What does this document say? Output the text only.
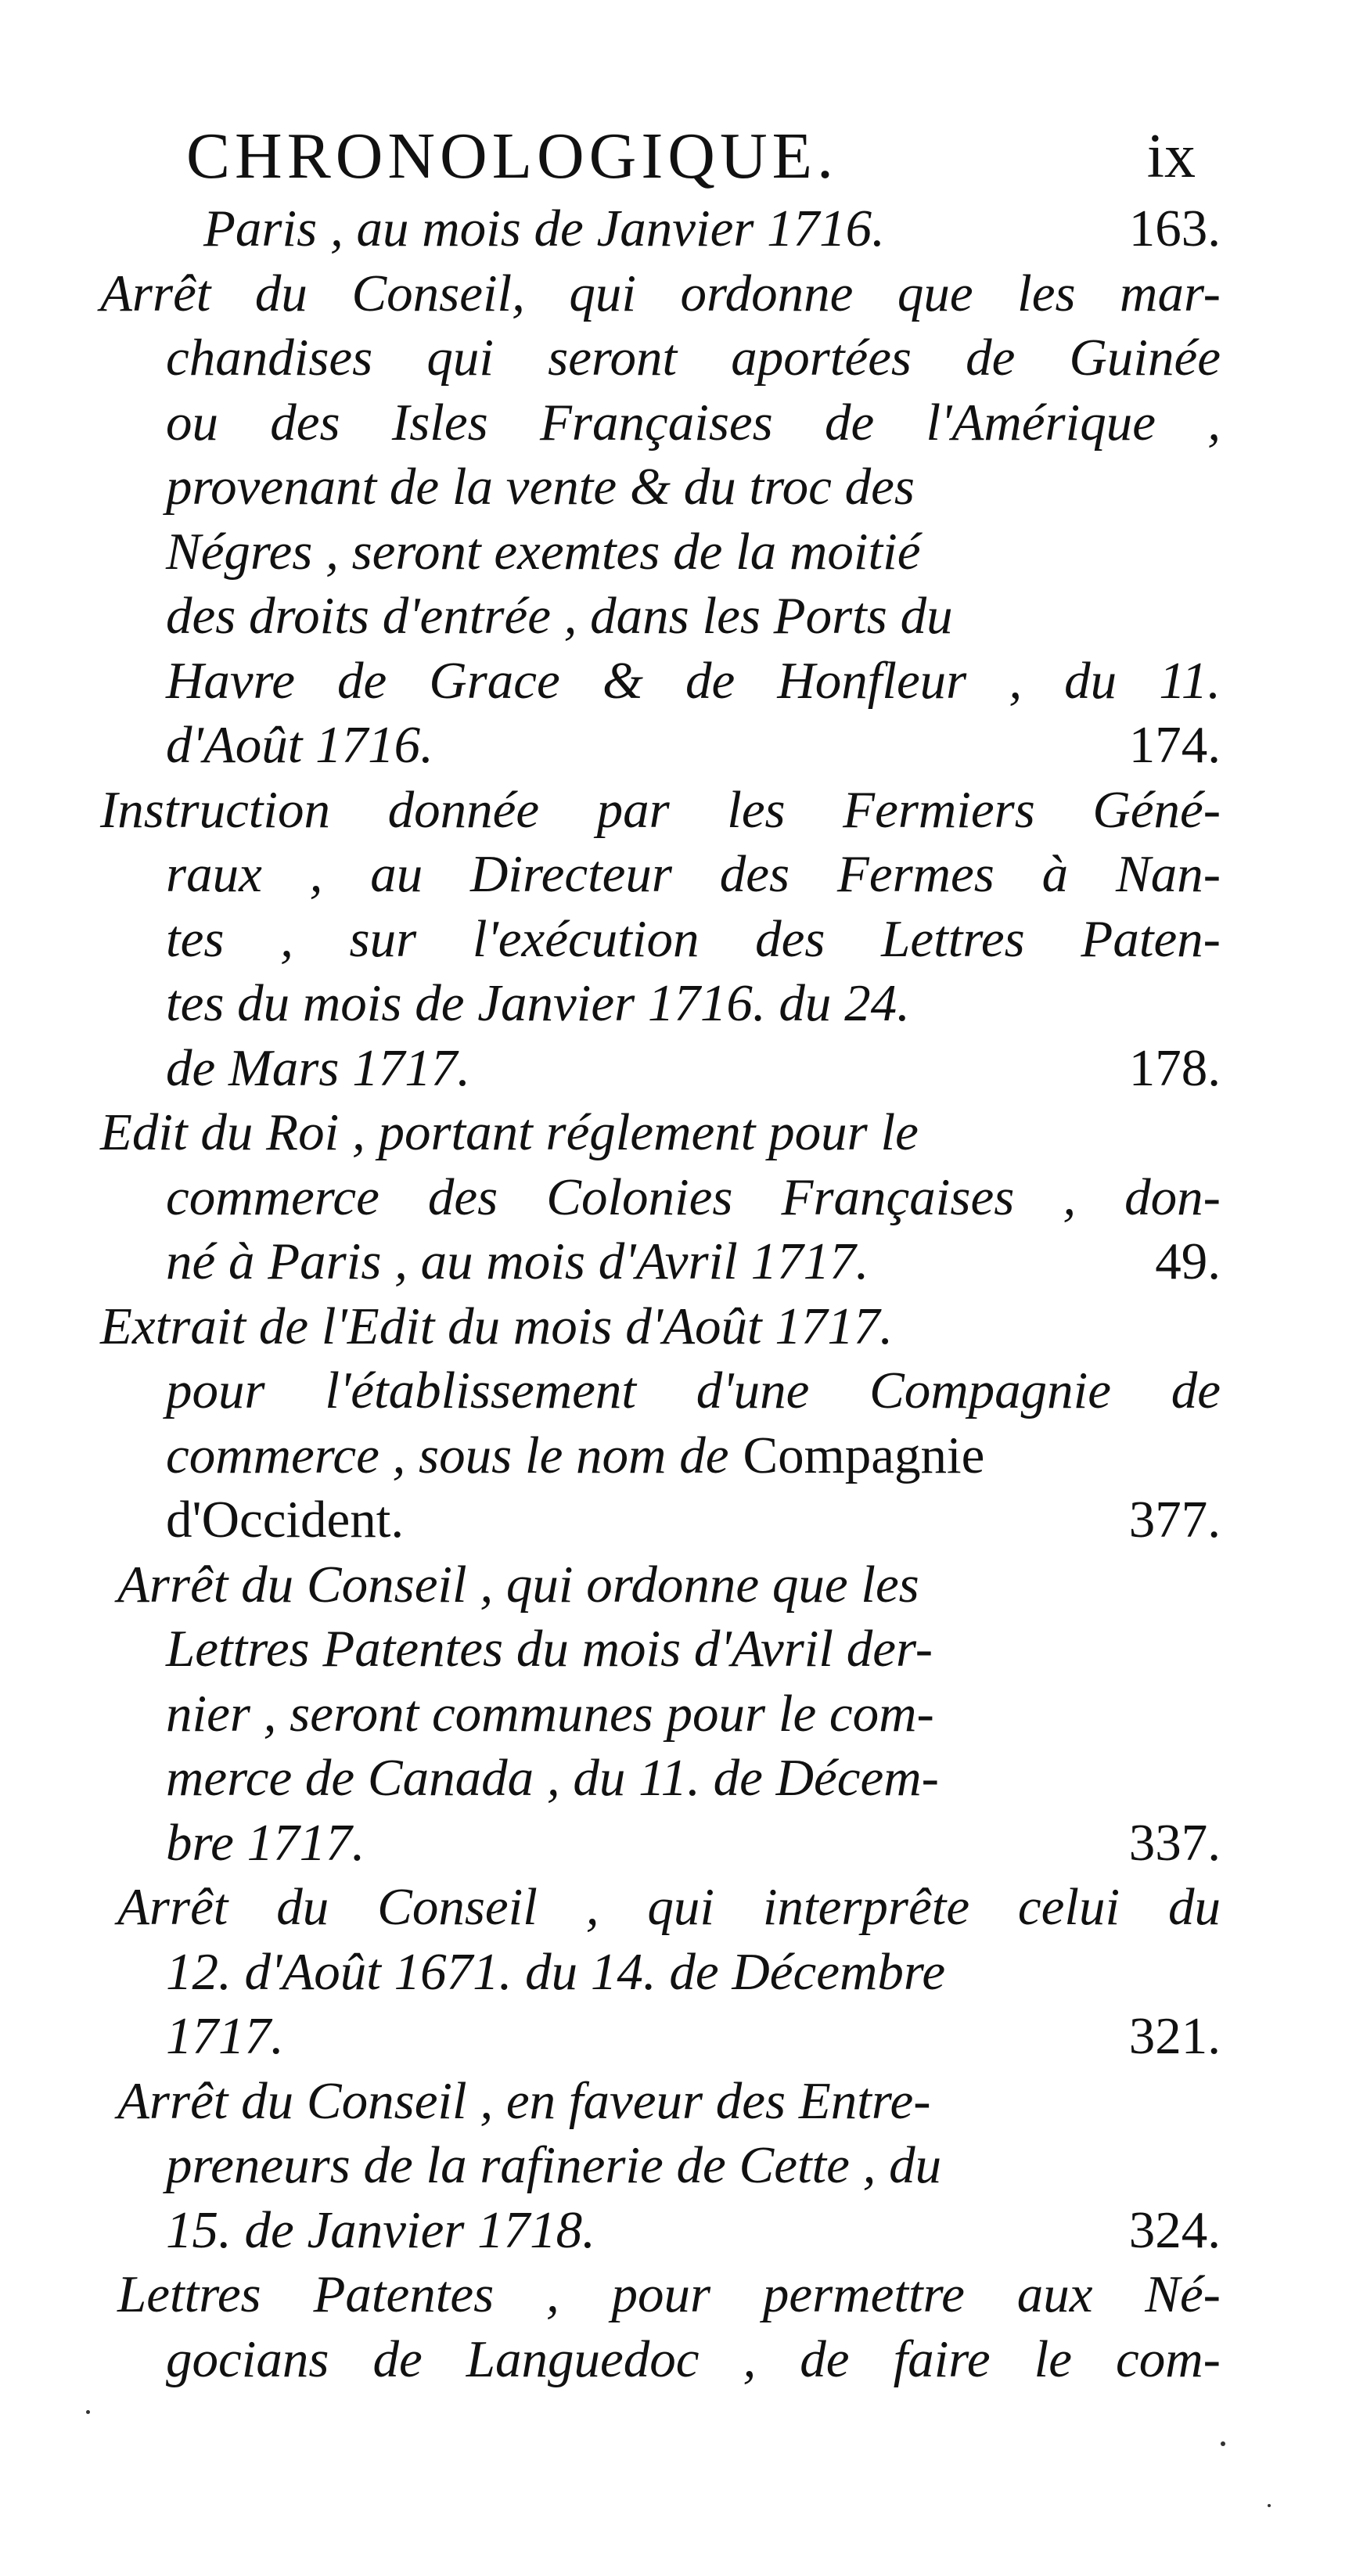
CHRONOLOGIQUE.	ix
Paris , au mois de Janvier 1716.	163.
Arrêt du Conseil, qui ordonne que les mar-
chandises qui seront aportées de Guinée
ou des Isles Françaises de l'Amérique ,
provenant de la vente & du troc des
Négres , seront exemtes de la moitié
des droits d'entrée , dans les Ports du
Havre de Grace & de Honfleur , du 11.
d'Août 1716.	174.
Instruction donnée par les Fermiers Géné-
raux , au Directeur des Fermes à Nan-
tes , sur l'exécution des Lettres Paten-
tes du mois de Janvier 1716. du 24.
de Mars 1717.	178.
Edit du Roi , portant réglement pour le
commerce des Colonies Françaises , don-
né à Paris , au mois d'Avril 1717.	49.
Extrait de l'Edit du mois d'Août 1717.
pour l'établissement d'une Compagnie de
commerce , sous le nom de Compagnie
d'Occident.	377.
Arrêt du Conseil , qui ordonne que les
Lettres Patentes du mois d'Avril der-
nier , seront communes pour le com-
merce de Canada , du 11. de Décem-
bre 1717.	337.
Arrêt du Conseil , qui interprête celui du
12. d'Août 1671. du 14. de Décembre
1717.	321.
Arrêt du Conseil , en faveur des Entre-
preneurs de la rafinerie de Cette , du
15. de Janvier 1718.	324.
Lettres Patentes , pour permettre aux Né-
gocians de Languedoc , de faire le com-
